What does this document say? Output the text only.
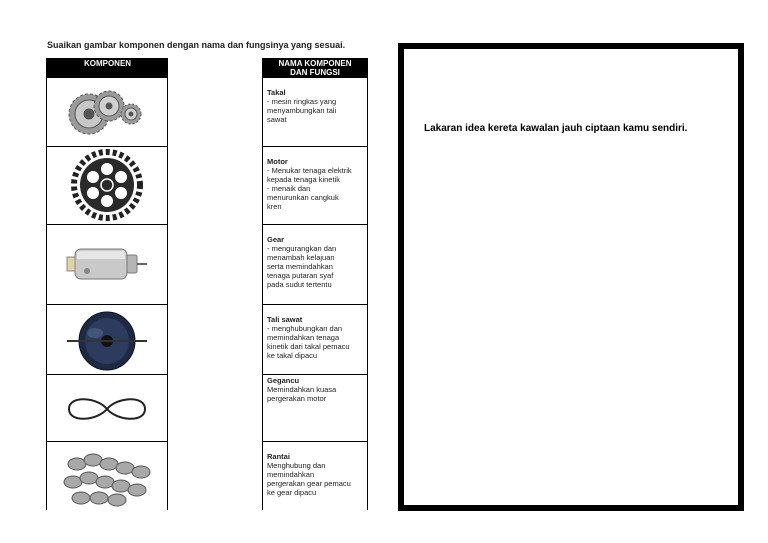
Suaikan gambar komponen dengan nama dan fungsinya yang sesuai.
KOMPONEN	NAMA KOMPONEN
DAN FUNGSI
Takal
- mesin ringkas yang
menyambungkan tali
sawat
Motor
- Menukar tenaga elektrik
kepada tenaga kinetik
- menaik dan
menurunkan cangkuk
kren
Gear
- mengurangkan dan
menambah kelajuan
serta memindahkan
tenaga putaran syaf
pada sudut tertentu
Tali sawat
- menghubungkan dan
memindahkan tenaga
kinetik dari takal pemacu
ke takal dipacu
Gegancu
Memindahkan kuasa
pergerakan motor
Rantai
Menghubung dan
memindahkan
pergerakan gear pemacu
ke gear dipacu
Lakaran idea kereta kawalan jauh ciptaan kamu sendiri.
